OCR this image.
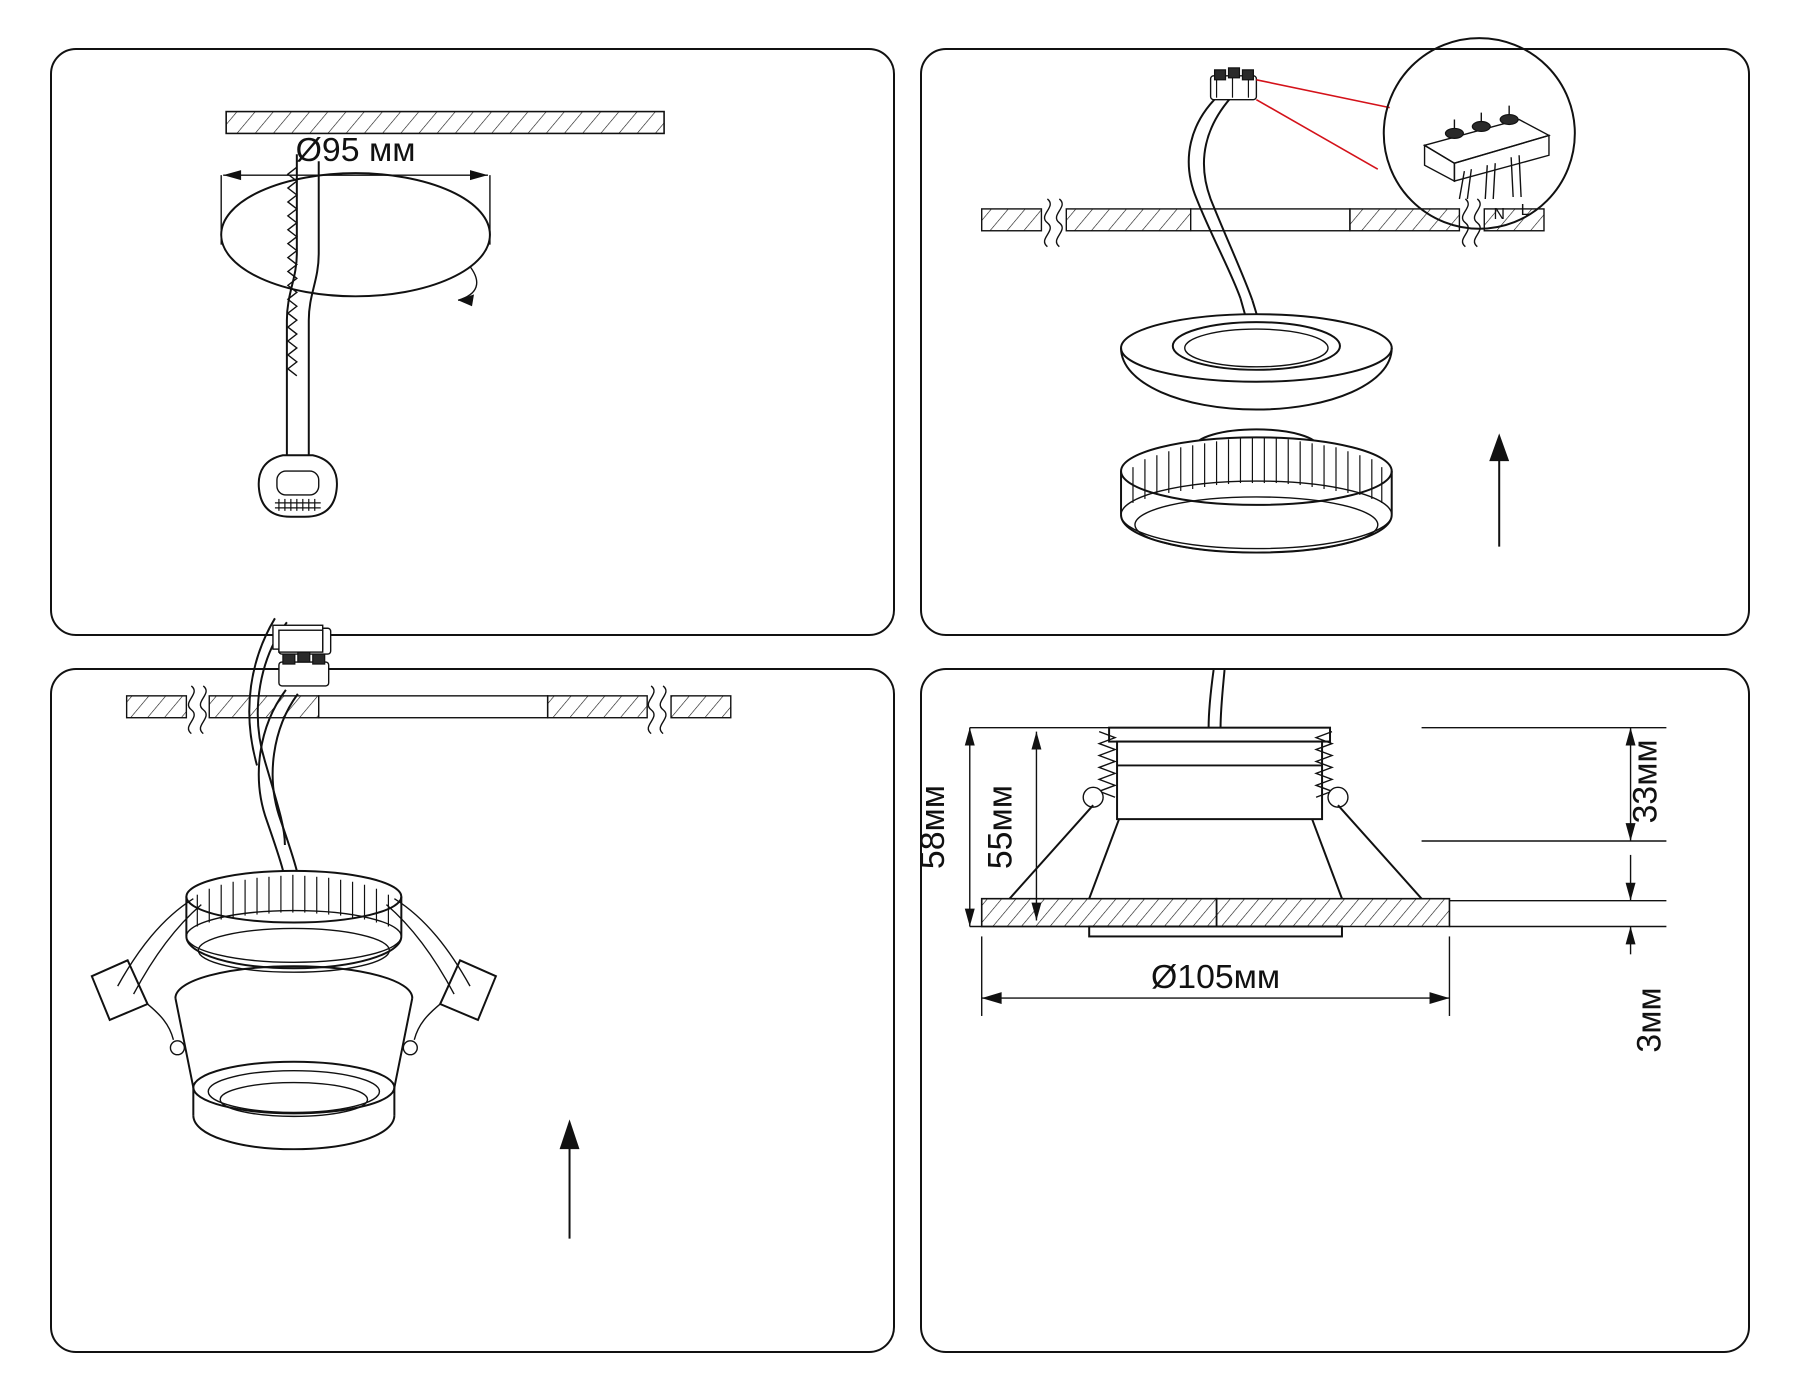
Ø95 мм
N L
58мм 55мм
33мм
3мм
Ø105мм
